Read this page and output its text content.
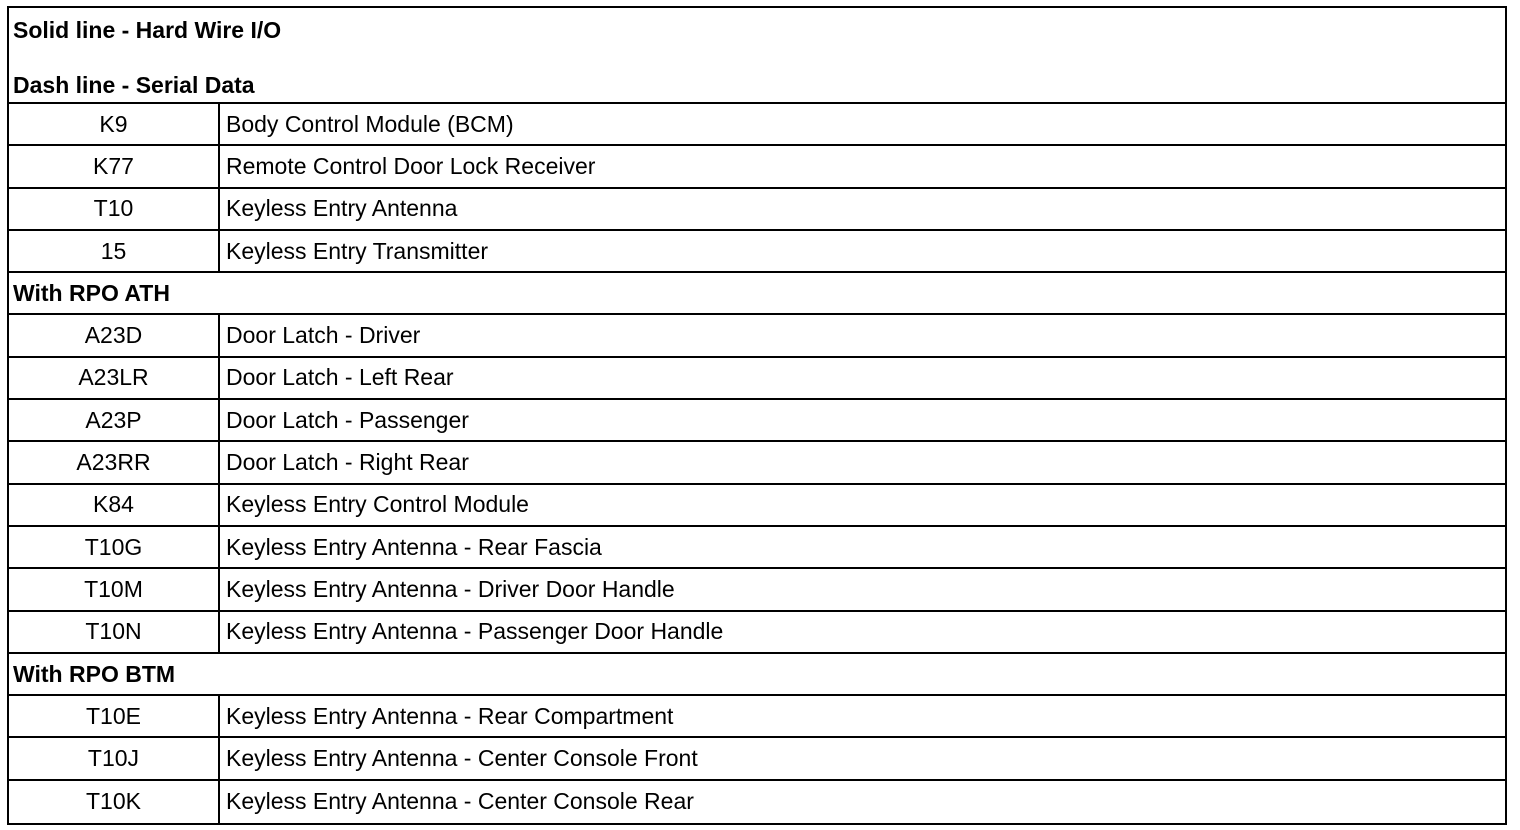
Solid line - Hard Wire I/O
Dash line - Serial Data
K9	Body Control Module (BCM)
K77	Remote Control Door Lock Receiver
T10	Keyless Entry Antenna
15	Keyless Entry Transmitter
With RPO ATH
A23D	Door Latch - Driver
A23LR	Door Latch - Left Rear
A23P	Door Latch - Passenger
A23RR	Door Latch - Right Rear
K84	Keyless Entry Control Module
T10G	Keyless Entry Antenna - Rear Fascia
T10M	Keyless Entry Antenna - Driver Door Handle
T10N	Keyless Entry Antenna - Passenger Door Handle
With RPO BTM
T10E	Keyless Entry Antenna - Rear Compartment
T10J	Keyless Entry Antenna - Center Console Front
T10K	Keyless Entry Antenna - Center Console Rear
